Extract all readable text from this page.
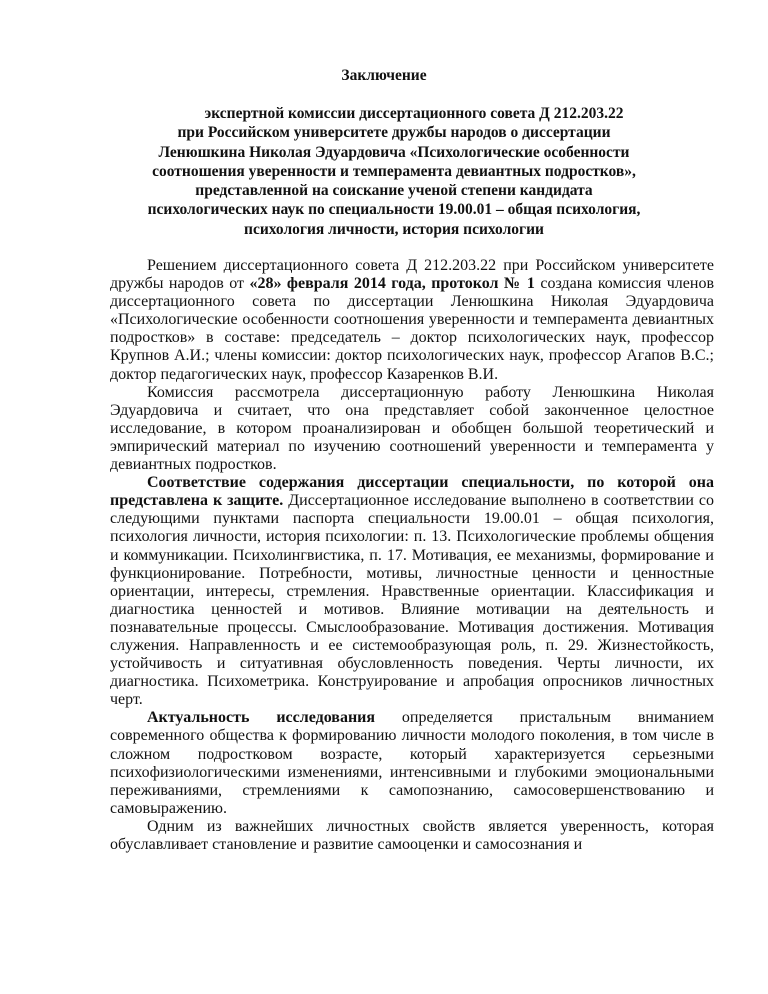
Заключение
экспертной комиссии диссертационного совета Д 212.203.22
при Российском университете дружбы народов о диссертации
Ленюшкина Николая Эдуардовича «Психологические особенности
соотношения уверенности и темперамента девиантных подростков»,
представленной на соискание ученой степени кандидата
психологических наук по специальности 19.00.01 – общая психология,
психология личности, история психологии

Решением диссертационного совета Д 212.203.22 при Российском университете дружбы народов от «28» февраля 2014 года, протокол № 1 создана комиссия членов диссертационного совета по диссертации Ленюшкина Николая Эдуардовича «Психологические особенности соотношения уверенности и темперамента девиантных подростков» в составе: председатель – доктор психологических наук, профессор Крупнов А.И.; члены комиссии: доктор психологических наук, профессор Агапов В.С.; доктор педагогических наук, профессор Казаренков В.И.

Комиссия рассмотрела диссертационную работу Ленюшкина Николая Эдуардовича и считает, что она представляет собой законченное целостное исследование, в котором проанализирован и обобщен большой теоретический и эмпирический материал по изучению соотношений уверенности и темперамента у девиантных подростков.

Соответствие содержания диссертации специальности, по которой она представлена к защите. Диссертационное исследование выполнено в соответствии со следующими пунктами паспорта специальности 19.00.01 – общая психология, психология личности, история психологии: п. 13. Психологические проблемы общения и коммуникации. Психолингвистика, п. 17. Мотивация, ее механизмы, формирование и функционирование. Потребности, мотивы, личностные ценности и ценностные ориентации, интересы, стремления. Нравственные ориентации. Классификация и диагностика ценностей и мотивов. Влияние мотивации на деятельность и познавательные процессы. Смыслообразование. Мотивация достижения. Мотивация служения. Направленность и ее системообразующая роль, п. 29. Жизнестойкость, устойчивость и ситуативная обусловленность поведения. Черты личности, их диагностика. Психометрика. Конструирование и апробация опросников личностных черт.

Актуальность исследования определяется пристальным вниманием современного общества к формированию личности молодого поколения, в том числе в сложном подростковом возрасте, который характеризуется серьезными психофизиологическими изменениями, интенсивными и глубокими эмоциональными переживаниями, стремлениями к самопознанию, самосовершенствованию и самовыражению.

Одним из важнейших личностных свойств является уверенность, которая обуславливает становление и развитие самооценки и самосознания и
